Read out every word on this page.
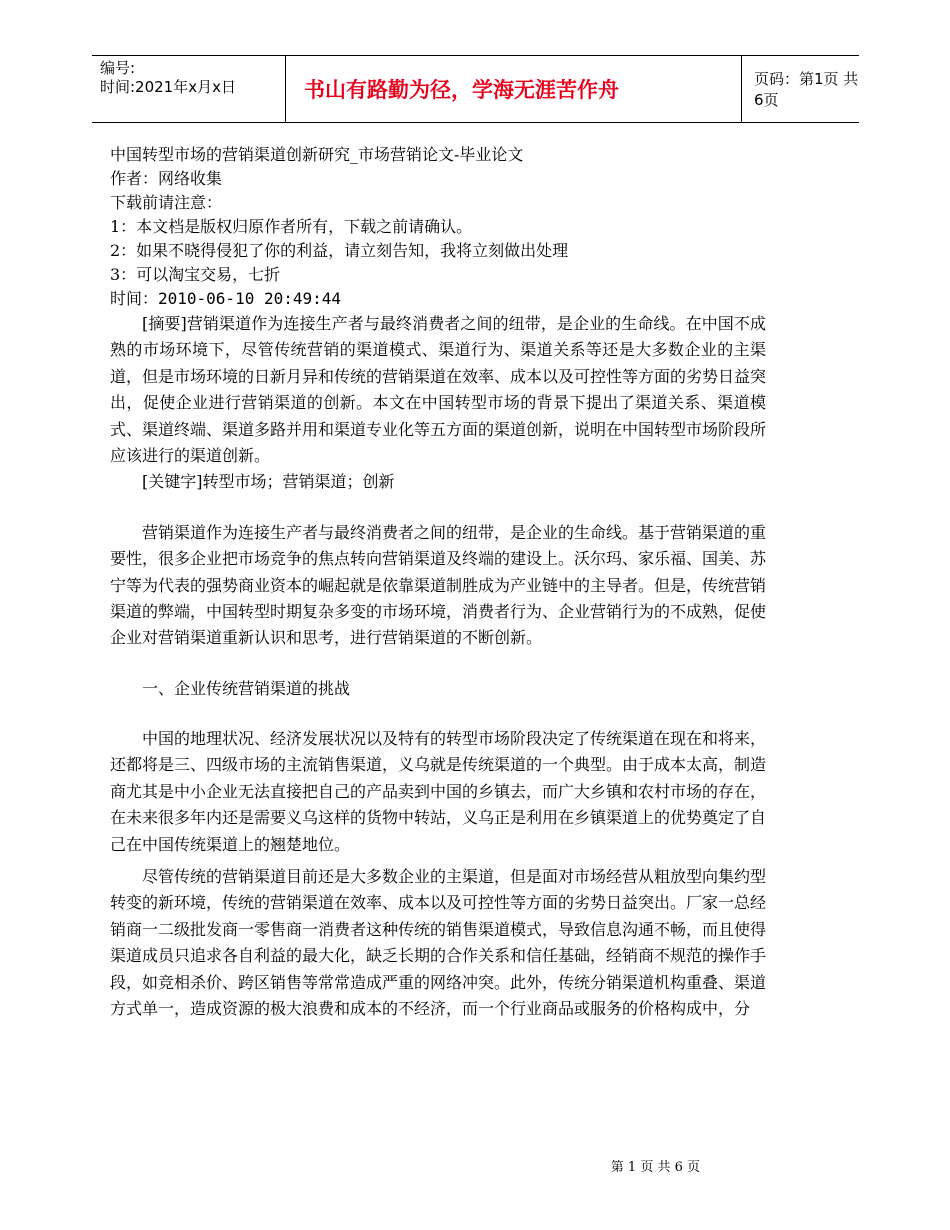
编号:
时间:2021年x月x日	书山有路勤为径，学海无涯苦作舟	页码：第1页 共6页

中国转型市场的营销渠道创新研究_市场营销论文-毕业论文

作者：网络收集

下载前请注意：

1：本文档是版权归原作者所有，下载之前请确认。

2：如果不晓得侵犯了你的利益，请立刻告知，我将立刻做出处理

3：可以淘宝交易，七折

时间：2010-06-10 20:49:44

[摘要]营销渠道作为连接生产者与最终消费者之间的纽带，是企业的生命线。在中国不成熟的市场环境下，尽管传统营销的渠道模式、渠道行为、渠道关系等还是大多数企业的主渠道，但是市场环境的日新月异和传统的营销渠道在效率、成本以及可控性等方面的劣势日益突出，促使企业进行营销渠道的创新。本文在中国转型市场的背景下提出了渠道关系、渠道模式、渠道终端、渠道多路并用和渠道专业化等五方面的渠道创新，说明在中国转型市场阶段所应该进行的渠道创新。

[关键字]转型市场；营销渠道；创新

营销渠道作为连接生产者与最终消费者之间的纽带，是企业的生命线。基于营销渠道的重要性，很多企业把市场竞争的焦点转向营销渠道及终端的建设上。沃尔玛、家乐福、国美、苏宁等为代表的强势商业资本的崛起就是依靠渠道制胜成为产业链中的主导者。但是，传统营销渠道的弊端，中国转型时期复杂多变的市场环境，消费者行为、企业营销行为的不成熟，促使企业对营销渠道重新认识和思考，进行营销渠道的不断创新。

一、企业传统营销渠道的挑战

中国的地理状况、经济发展状况以及特有的转型市场阶段决定了传统渠道在现在和将来，还都将是三、四级市场的主流销售渠道，义乌就是传统渠道的一个典型。由于成本太高，制造商尤其是中小企业无法直接把自己的产品卖到中国的乡镇去，而广大乡镇和农村市场的存在，在未来很多年内还是需要义乌这样的货物中转站，义乌正是利用在乡镇渠道上的优势奠定了自己在中国传统渠道上的翘楚地位。

尽管传统的营销渠道目前还是大多数企业的主渠道，但是面对市场经营从粗放型向集约型转变的新环境，传统的营销渠道在效率、成本以及可控性等方面的劣势日益突出。厂家一总经销商一二级批发商一零售商一消费者这种传统的销售渠道模式，导致信息沟通不畅，而且使得渠道成员只追求各自利益的最大化，缺乏长期的合作关系和信任基础，经销商不规范的操作手段，如竞相杀价、跨区销售等常常造成严重的网络冲突。此外，传统分销渠道机构重叠、渠道方式单一，造成资源的极大浪费和成本的不经济，而一个行业商品或服务的价格构成中，分

第 1 页 共 6 页
